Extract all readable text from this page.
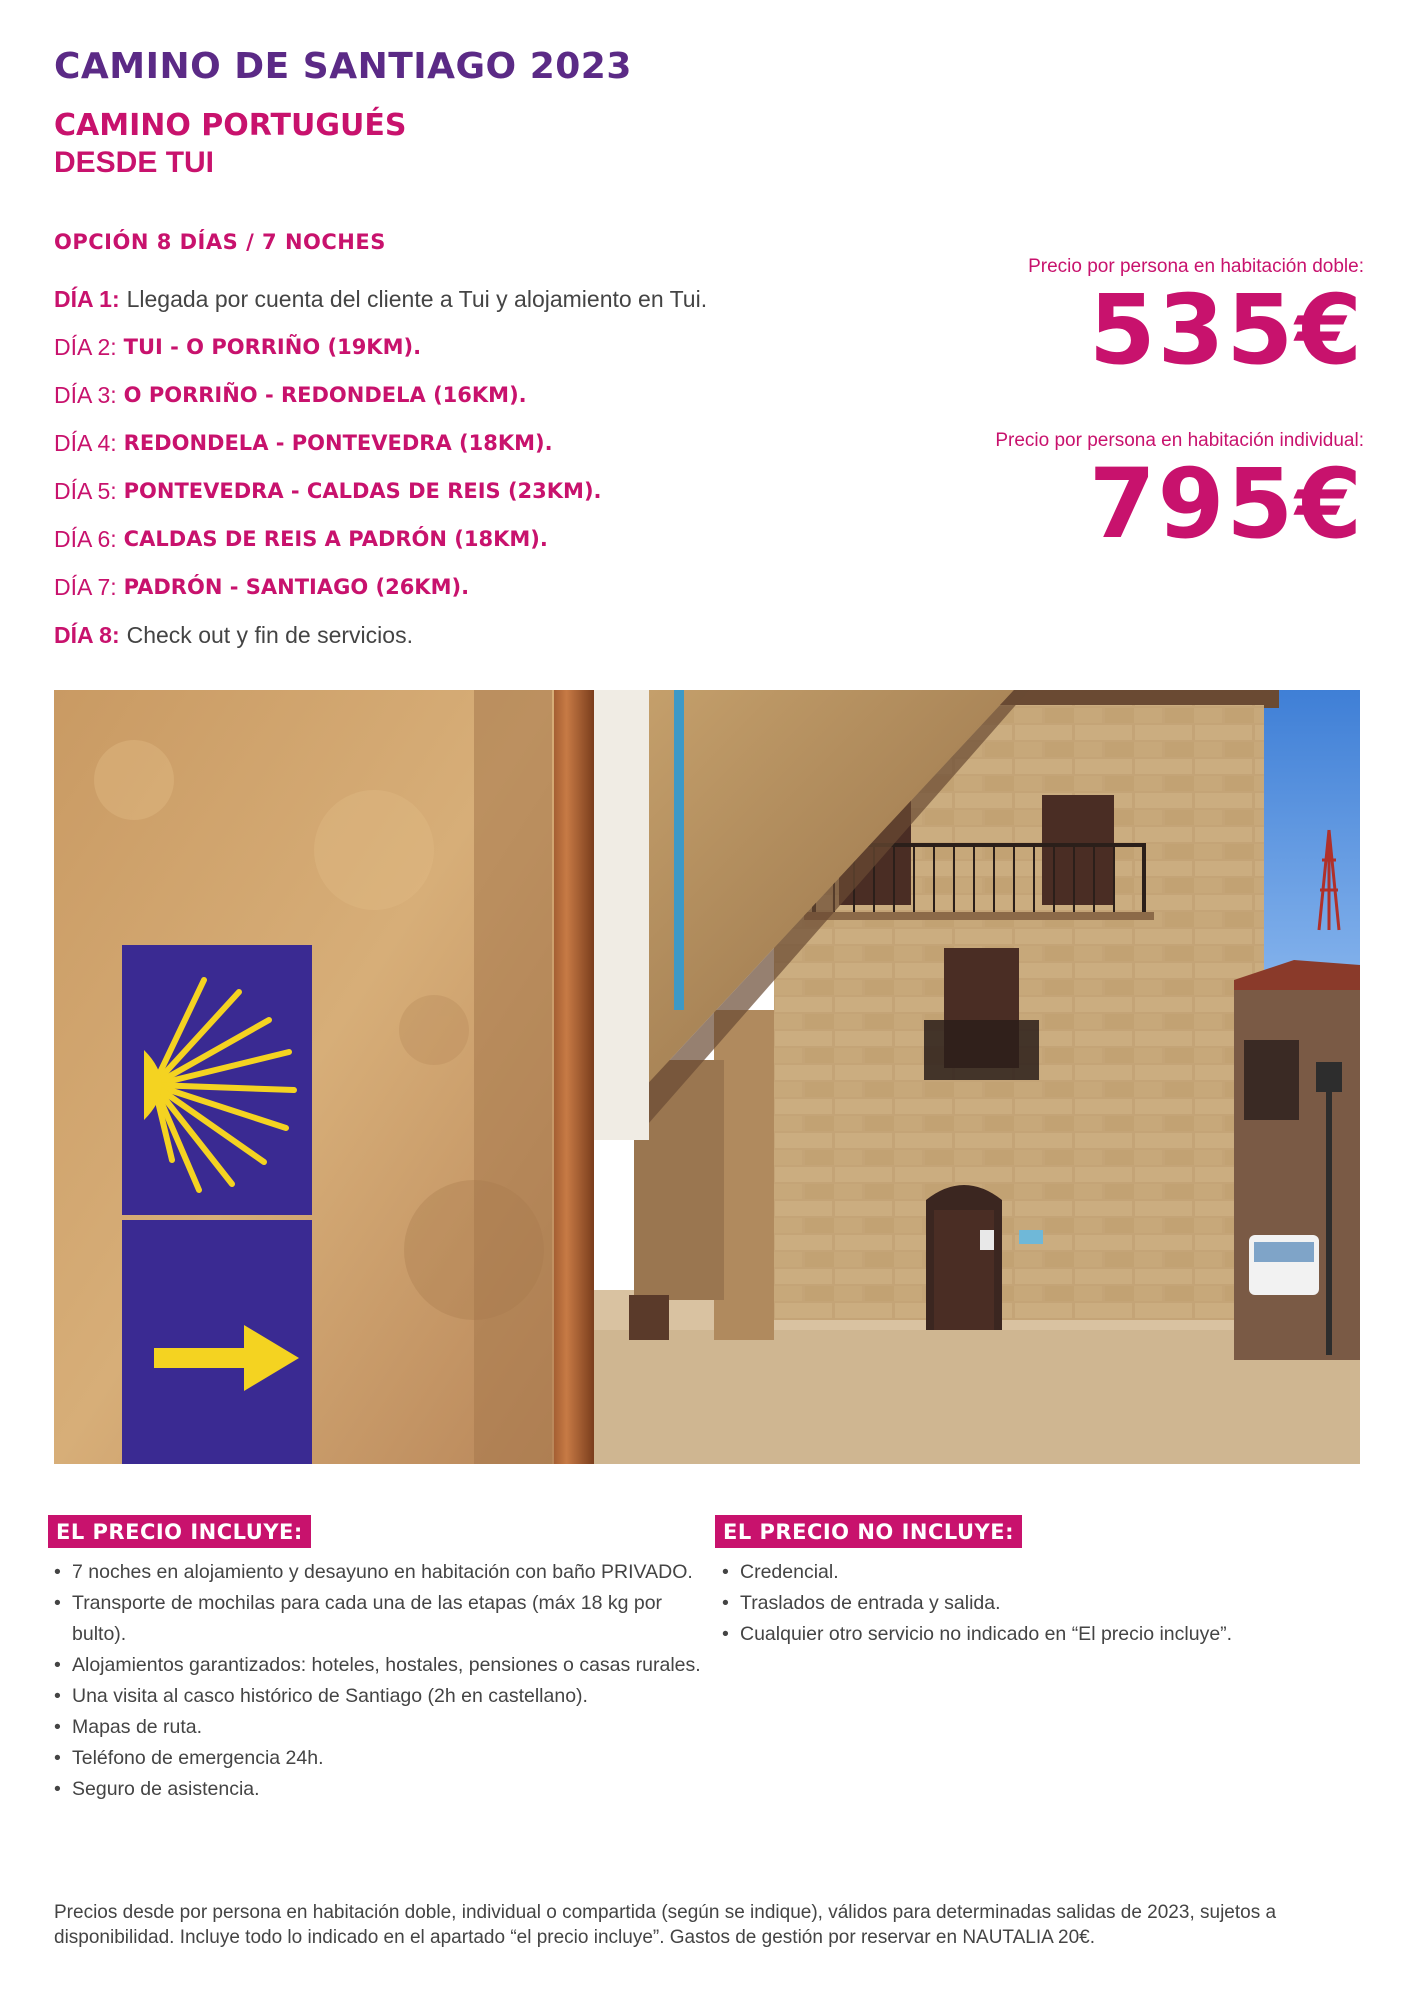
CAMINO DE SANTIAGO 2023
CAMINO PORTUGUÉS
DESDE TUI
OPCIÓN 8 DÍAS / 7 NOCHES
DÍA 1: Llegada por cuenta del cliente a Tui y alojamiento en Tui.
DÍA 2: TUI - O PORRIÑO (19KM).
DÍA 3: O PORRIÑO - REDONDELA (16KM).
DÍA 4: REDONDELA - PONTEVEDRA (18KM).
DÍA 5: PONTEVEDRA - CALDAS DE REIS (23KM).
DÍA 6: CALDAS DE REIS A PADRÓN (18KM).
DÍA 7: PADRÓN - SANTIAGO (26KM).
DÍA 8: Check out y fin de servicios.
Precio por persona en habitación doble:
535€
Precio por persona en habitación individual:
795€
EL PRECIO INCLUYE:
• 7 noches en alojamiento y desayuno en habitación con baño PRIVADO.
• Transporte de mochilas para cada una de las etapas (máx 18 kg por bulto).
• Alojamientos garantizados: hoteles, hostales, pensiones o casas rurales.
• Una visita al casco histórico de Santiago (2h en castellano).
• Mapas de ruta.
• Teléfono de emergencia 24h.
• Seguro de asistencia.
EL PRECIO NO INCLUYE:
• Credencial.
• Traslados de entrada y salida.
• Cualquier otro servicio no indicado en “El precio incluye”.
Precios desde por persona en habitación doble, individual o compartida (según se indique), válidos para determinadas salidas de 2023, sujetos a disponibilidad. Incluye todo lo indicado en el apartado “el precio incluye”. Gastos de gestión por reservar en NAUTALIA 20€.
